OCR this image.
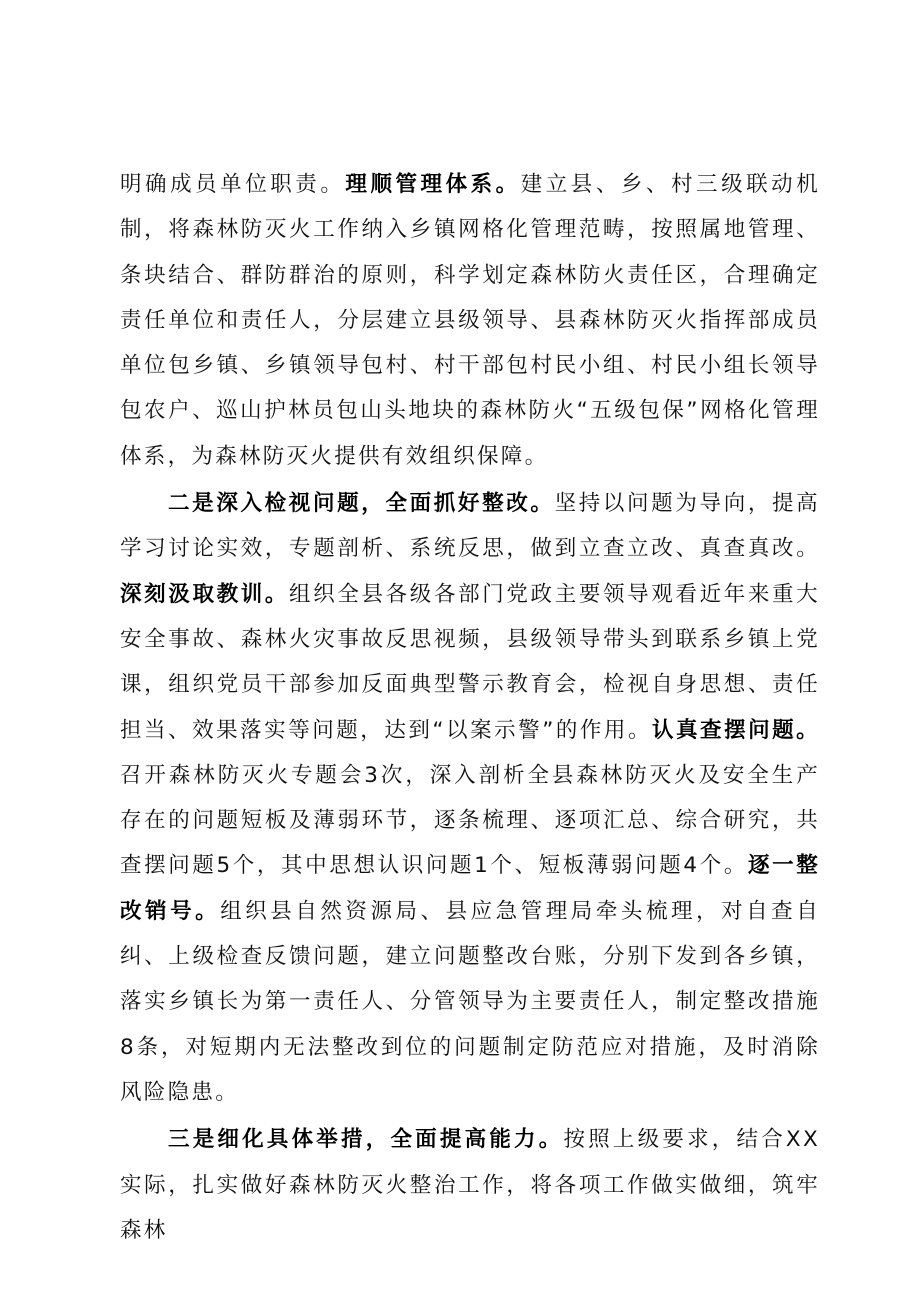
明确成员单位职责。理顺管理体系。建立县、乡、村三级联动机制，将森林防灭火工作纳入乡镇网格化管理范畴，按照属地管理、条块结合、群防群治的原则，科学划定森林防火责任区，合理确定责任单位和责任人，分层建立县级领导、县森林防灭火指挥部成员单位包乡镇、乡镇领导包村、村干部包村民小组、村民小组长领导包农户、巡山护林员包山头地块的森林防火“五级包保”网格化管理体系，为森林防灭火提供有效组织保障。

二是深入检视问题，全面抓好整改。坚持以问题为导向，提高学习讨论实效，专题剖析、系统反思，做到立查立改、真查真改。深刻汲取教训。组织全县各级各部门党政主要领导观看近年来重大安全事故、森林火灾事故反思视频，县级领导带头到联系乡镇上党课，组织党员干部参加反面典型警示教育会，检视自身思想、责任担当、效果落实等问题，达到“以案示警”的作用。认真查摆问题。召开森林防灭火专题会3次，深入剖析全县森林防灭火及安全生产存在的问题短板及薄弱环节，逐条梳理、逐项汇总、综合研究，共查摆问题5个，其中思想认识问题1个、短板薄弱问题4个。逐一整改销号。组织县自然资源局、县应急管理局牵头梳理，对自查自纠、上级检查反馈问题，建立问题整改台账，分别下发到各乡镇，落实乡镇长为第一责任人、分管领导为主要责任人，制定整改措施8条，对短期内无法整改到位的问题制定防范应对措施，及时消除风险隐患。

三是细化具体举措，全面提高能力。按照上级要求，结合XX实际，扎实做好森林防灭火整治工作，将各项工作做实做细，筑牢森林
